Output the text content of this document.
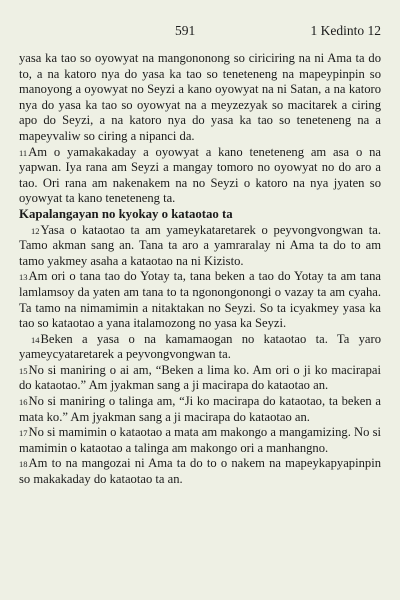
591	1 Kedinto 12

yasa ka tao so oyowyat na mangononong so ciriciring na ni Ama ta do to, a na katoro nya do yasa ka tao so teneteneng na mapeypinpin so manoyong a oyowyat no Seyzi a kano oyowyat na ni Satan, a na katoro nya do yasa ka tao so oyowyat na a meyzezyak so macitarek a ciring apo do Seyzi, a na katoro nya do yasa ka tao so teneteneng na a mapeyvaliw so ciring a nipanci da.

$^{11}$Am o yamakakaday a oyowyat a kano teneteneng am asa o na yapwan. Iya rana am Seyzi a mangay tomoro no oyowyat no do aro a tao. Ori rana am nakenakem na no Seyzi o katoro na nya jyaten so oyowyat ta kano teneteneng ta.

Kapalangayan no kyokay o kataotao ta

$^{12}$Yasa o kataotao ta am yameykataretarek o peyvongvongwan ta. Tamo akman sang an. Tana ta aro a yamraralay ni Ama ta do to am tamo yakmey asaha a kataotao na ni Kizisto.

$^{13}$Am ori o tana tao do Yotay ta, tana beken a tao do Yotay ta am tana lamlamsoy da yaten am tana to ta ngonongonongi o vazay ta am cyaha. Ta tamo na nimamimin a nitaktakan no Seyzi. So ta icyakmey yasa ka tao so kataotao a yana italamozong no yasa ka Seyzi.

$^{14}$Beken a yasa o na kamamaogan no kataotao ta. Ta yaro yameycyataretarek a peyvongvongwan ta.

$^{15}$No si maniring o ai am, “Beken a lima ko. Am ori o ji ko macirapai do kataotao.” Am jyakman sang a ji macirapa do kataotao an.

$^{16}$No si maniring o talinga am, “Ji ko macirapa do kataotao, ta beken a mata ko.” Am jyakman sang a ji macirapa do kataotao an.

$^{17}$No si mamimin o kataotao a mata am makongo a mangamizing. No si mamimin o kataotao a talinga am makongo ori a manhangno.

$^{18}$Am to na mangozai ni Ama ta do to o nakem na mapeykapyapinpin so makakaday do kataotao ta an.
